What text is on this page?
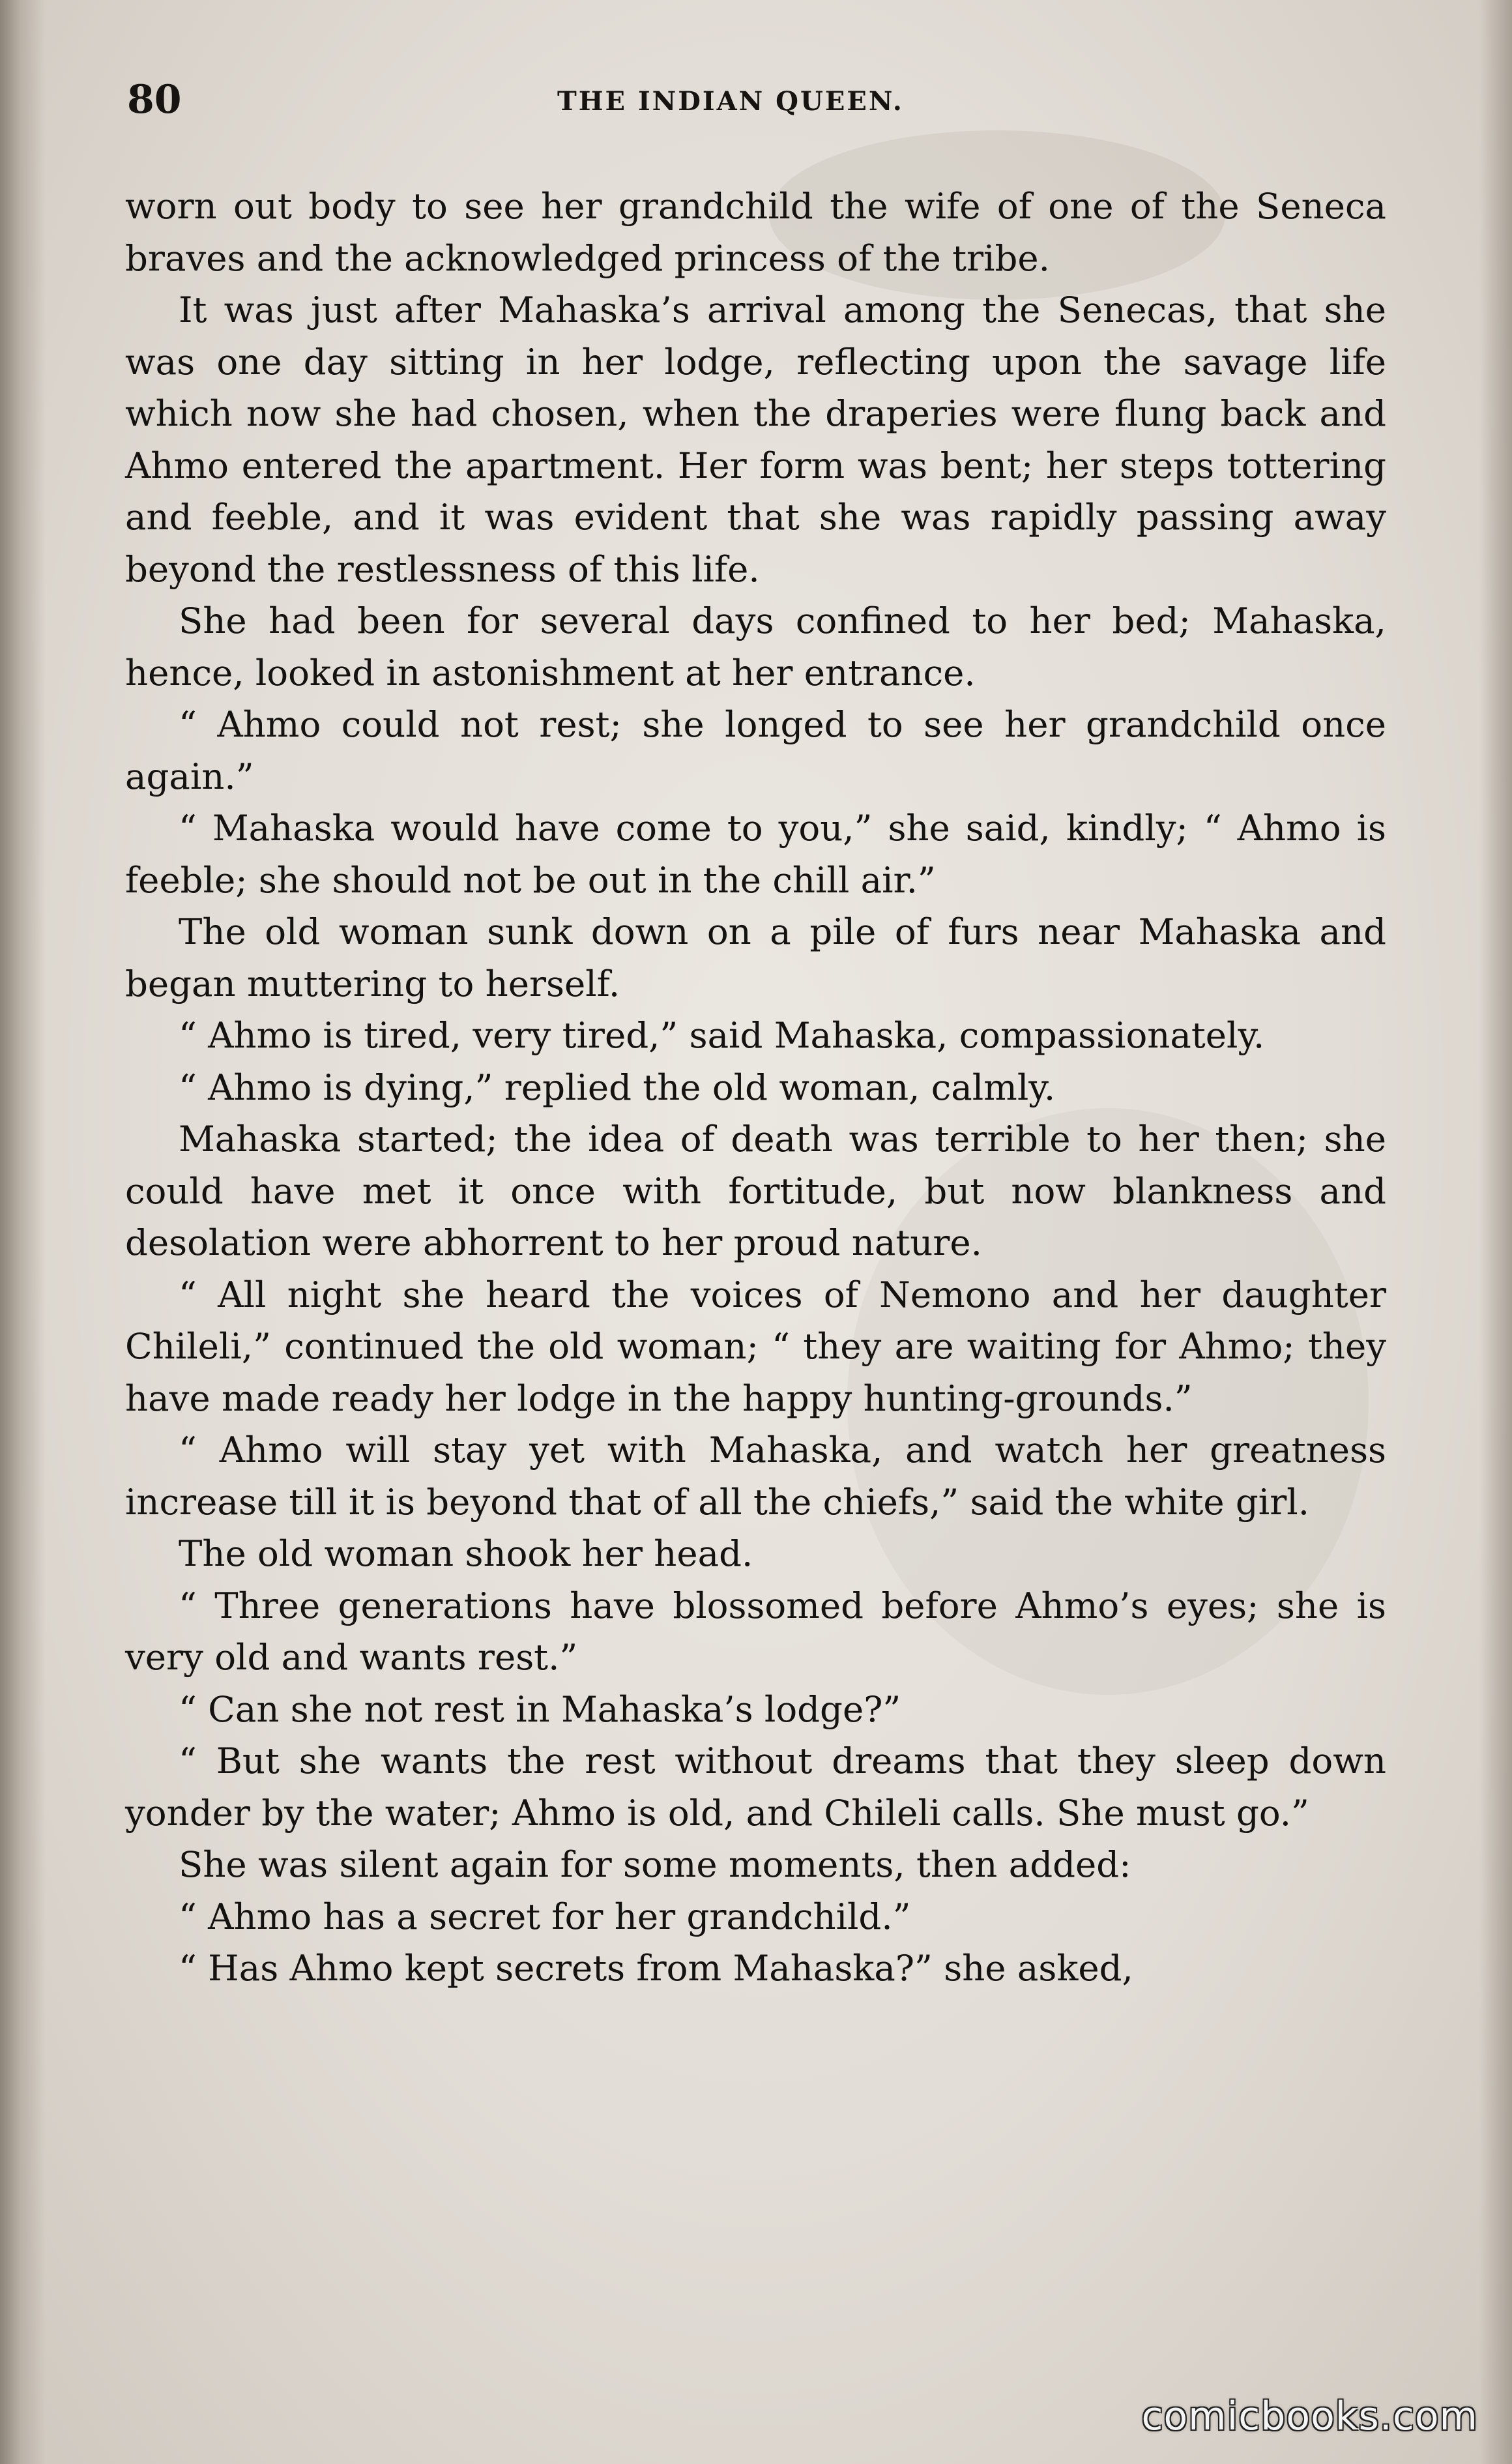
80	THE INDIAN QUEEN.

worn out body to see her grandchild the wife of one of the Seneca braves and the acknowledged princess of the tribe.

It was just after Mahaska’s arrival among the Senecas, that she was one day sitting in her lodge, reflecting upon the savage life which now she had chosen, when the draperies were flung back and Ahmo entered the apartment. Her form was bent; her steps tottering and feeble, and it was evident that she was rapidly passing away beyond the restlessness of this life.

She had been for several days confined to her bed; Mahaska, hence, looked in astonishment at her entrance.

“ Ahmo could not rest; she longed to see her grandchild once again.”

“ Mahaska would have come to you,” she said, kindly; “ Ahmo is feeble; she should not be out in the chill air.”

The old woman sunk down on a pile of furs near Mahaska and began muttering to herself.

“ Ahmo is tired, very tired,” said Mahaska, compassionately.

“ Ahmo is dying,” replied the old woman, calmly.

Mahaska started; the idea of death was terrible to her then; she could have met it once with fortitude, but now blankness and desolation were abhorrent to her proud nature.

“ All night she heard the voices of Nemono and her daughter Chileli,” continued the old woman; “ they are waiting for Ahmo; they have made ready her lodge in the happy hunting-grounds.”

“ Ahmo will stay yet with Mahaska, and watch her greatness increase till it is beyond that of all the chiefs,” said the white girl.

The old woman shook her head.

“ Three generations have blossomed before Ahmo’s eyes; she is very old and wants rest.”

“ Can she not rest in Mahaska’s lodge?”

“ But she wants the rest without dreams that they sleep down yonder by the water; Ahmo is old, and Chileli calls. She must go.”

She was silent again for some moments, then added:

“ Ahmo has a secret for her grandchild.”

“ Has Ahmo kept secrets from Mahaska?” she asked,

comicbooks.com
